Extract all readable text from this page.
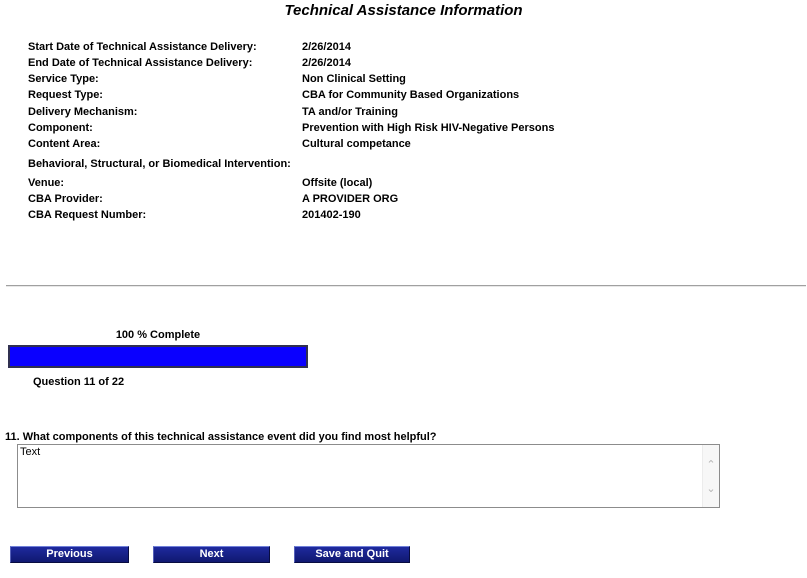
Technical Assistance Information
Start Date of Technical Assistance Delivery:	2/26/2014
End Date of Technical Assistance Delivery:	2/26/2014
Service Type:	Non Clinical Setting
Request Type:	CBA for Community Based Organizations
Delivery Mechanism:	TA and/or Training
Component:	Prevention with High Risk HIV-Negative Persons
Content Area:	Cultural competance
Behavioral, Structural, or Biomedical Intervention:
Venue:	Offsite (local)
CBA Provider:	A PROVIDER ORG
CBA Request Number:	201402-190
100 % Complete
Question 11 of 22
11. What components of this technical assistance event did you find most helpful?
Text
⌃
⌄
Previous	Next	Save and Quit
